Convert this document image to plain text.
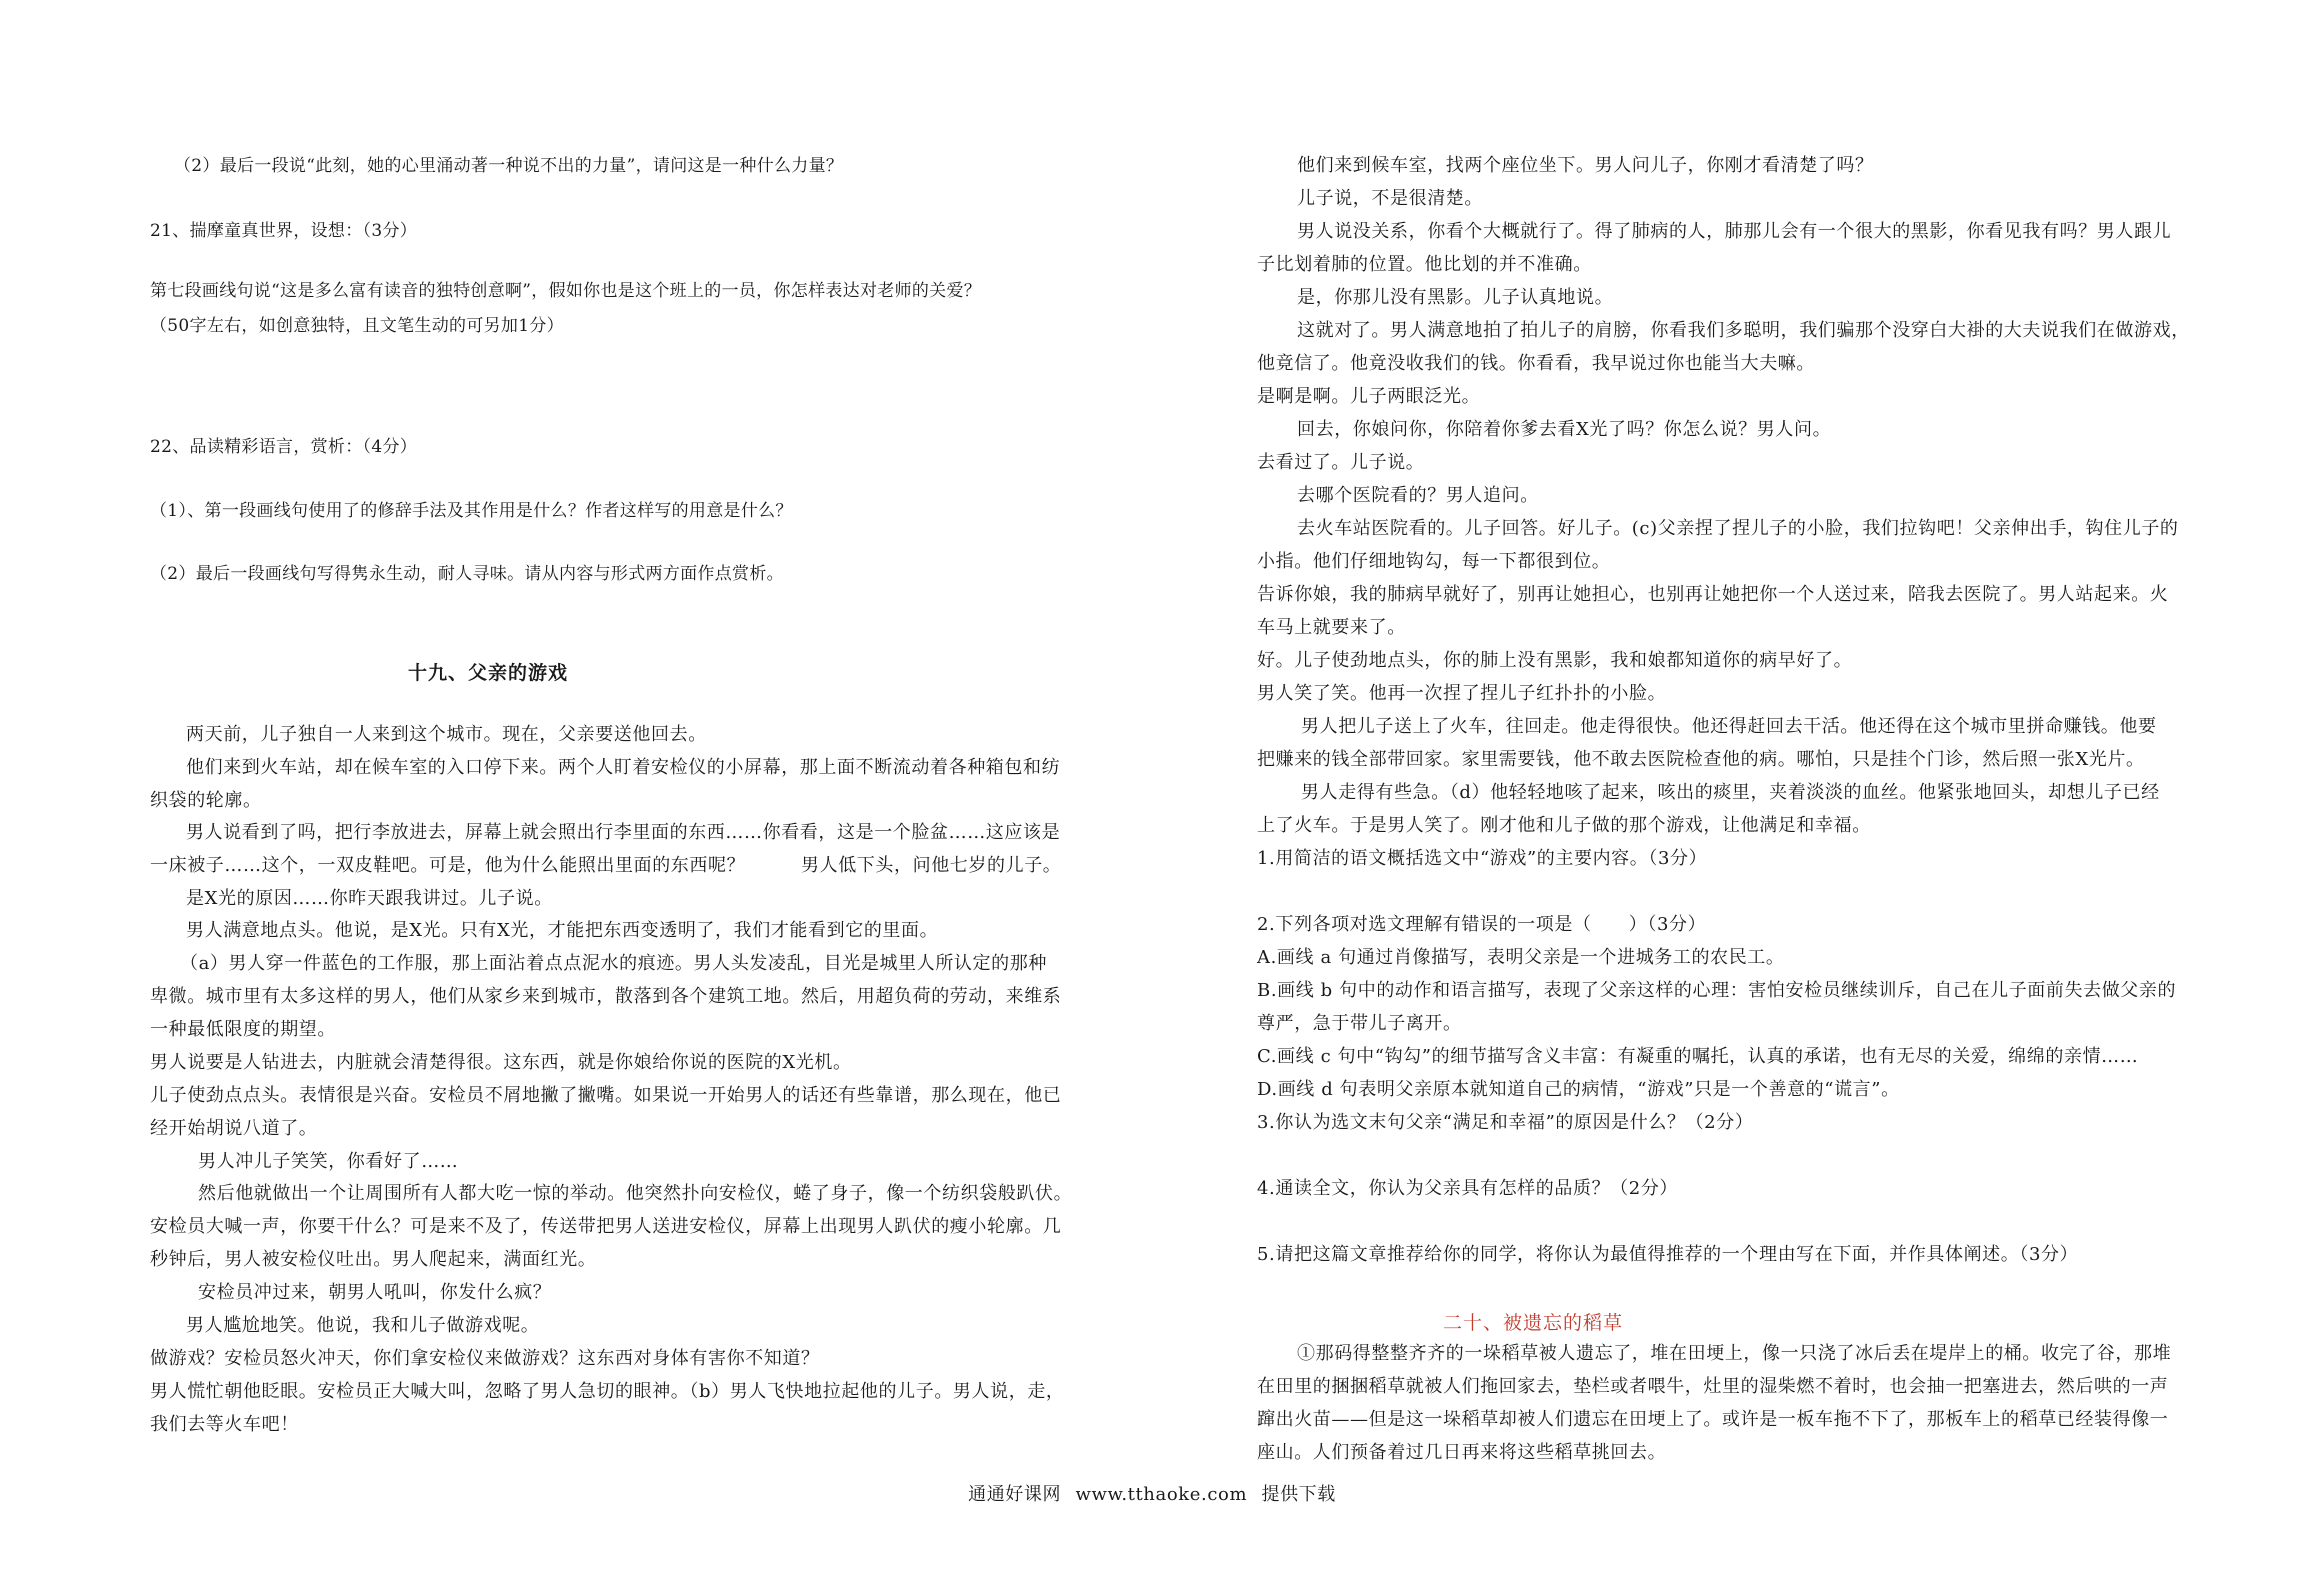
（2）最后一段说“此刻，她的心里涌动著一种说不出的力量”，请问这是一种什么力量？
21、揣摩童真世界，设想：（3分）
第七段画线句说“这是多么富有读音的独特创意啊”，假如你也是这个班上的一员，你怎样表达对老师的关爱？
（50字左右，如创意独特，且文笔生动的可另加1分）
22、品读精彩语言，赏析：（4分）
（1）、第一段画线句使用了的修辞手法及其作用是什么？作者这样写的用意是什么？
（2）最后一段画线句写得隽永生动，耐人寻味。请从内容与形式两方面作点赏析。
十九、父亲的游戏
两天前，儿子独自一人来到这个城市。现在，父亲要送他回去。
他们来到火车站，却在候车室的入口停下来。两个人盯着安检仪的小屏幕，那上面不断流动着各种箱包和纺
织袋的轮廓。
男人说看到了吗，把行李放进去，屏幕上就会照出行李里面的东西……你看看，这是一个脸盆……这应该是
一床被子……这个，一双皮鞋吧。可是，他为什么能照出里面的东西呢？　　　男人低下头，问他七岁的儿子。
是X光的原因……你昨天跟我讲过。儿子说。
男人满意地点头。他说，是X光。只有X光，才能把东西变透明了，我们才能看到它的里面。
（a）男人穿一件蓝色的工作服，那上面沾着点点泥水的痕迹。男人头发凌乱，目光是城里人所认定的那种
卑微。城市里有太多这样的男人，他们从家乡来到城市，散落到各个建筑工地。然后，用超负荷的劳动，来维系
一种最低限度的期望。
男人说要是人钻进去，内脏就会清楚得很。这东西，就是你娘给你说的医院的X光机。
儿子使劲点点头。表情很是兴奋。安检员不屑地撇了撇嘴。如果说一开始男人的话还有些靠谱，那么现在，他已
经开始胡说八道了。
男人冲儿子笑笑，你看好了……
然后他就做出一个让周围所有人都大吃一惊的举动。他突然扑向安检仪，蜷了身子，像一个纺织袋般趴伏。
安检员大喊一声，你要干什么？可是来不及了，传送带把男人送进安检仪，屏幕上出现男人趴伏的瘦小轮廓。几
秒钟后，男人被安检仪吐出。男人爬起来，满面红光。
安检员冲过来，朝男人吼叫，你发什么疯？
男人尴尬地笑。他说，我和儿子做游戏呢。
做游戏？安检员怒火冲天，你们拿安检仪来做游戏？这东西对身体有害你不知道？
男人慌忙朝他眨眼。安检员正大喊大叫，忽略了男人急切的眼神。（b）男人飞快地拉起他的儿子。男人说，走，
我们去等火车吧！
他们来到候车室，找两个座位坐下。男人问儿子，你刚才看清楚了吗？
儿子说，不是很清楚。
男人说没关系，你看个大概就行了。得了肺病的人，肺那儿会有一个很大的黑影，你看见我有吗？男人跟儿
子比划着肺的位置。他比划的并不准确。
是，你那儿没有黑影。儿子认真地说。
这就对了。男人满意地拍了拍儿子的肩膀，你看我们多聪明，我们骗那个没穿白大褂的大夫说我们在做游戏，
他竟信了。他竟没收我们的钱。你看看，我早说过你也能当大夫嘛。
是啊是啊。儿子两眼泛光。
回去，你娘问你，你陪着你爹去看X光了吗？你怎么说？男人问。
去看过了。儿子说。
去哪个医院看的？男人追问。
去火车站医院看的。儿子回答。好儿子。(c)父亲捏了捏儿子的小脸，我们拉钩吧！父亲伸出手，钩住儿子的
小指。他们仔细地钩勾，每一下都很到位。
告诉你娘，我的肺病早就好了，别再让她担心，也别再让她把你一个人送过来，陪我去医院了。男人站起来。火
车马上就要来了。
好。儿子使劲地点头，你的肺上没有黑影，我和娘都知道你的病早好了。
男人笑了笑。他再一次捏了捏儿子红扑扑的小脸。
男人把儿子送上了火车，往回走。他走得很快。他还得赶回去干活。他还得在这个城市里拼命赚钱。他要
把赚来的钱全部带回家。家里需要钱，他不敢去医院检查他的病。哪怕，只是挂个门诊，然后照一张X光片。
男人走得有些急。（d）他轻轻地咳了起来，咳出的痰里，夹着淡淡的血丝。他紧张地回头，却想儿子已经
上了火车。于是男人笑了。刚才他和儿子做的那个游戏，让他满足和幸福。
1.用简洁的语文概括选文中“游戏”的主要内容。（3分）
2.下列各项对选文理解有错误的一项是（　　）（3分）
A.画线 a 句通过肖像描写，表明父亲是一个进城务工的农民工。
B.画线 b 句中的动作和语言描写，表现了父亲这样的心理：害怕安检员继续训斥，自己在儿子面前失去做父亲的
尊严，急于带儿子离开。
C.画线 c 句中“钩勾”的细节描写含义丰富：有凝重的嘱托，认真的承诺，也有无尽的关爱，绵绵的亲情……
D.画线 d 句表明父亲原本就知道自己的病情，“游戏”只是一个善意的“谎言”。
3.你认为选文末句父亲“满足和幸福”的原因是什么？（2分）
4.通读全文，你认为父亲具有怎样的品质？（2分）
5.请把这篇文章推荐给你的同学，将你认为最值得推荐的一个理由写在下面，并作具体阐述。（3分）
二十、被遗忘的稻草
①那码得整整齐齐的一垛稻草被人遗忘了，堆在田埂上，像一只浇了冰后丢在堤岸上的桶。收完了谷，那堆
在田里的捆捆稻草就被人们拖回家去，垫栏或者喂牛，灶里的湿柴燃不着时，也会抽一把塞进去，然后哄的一声
蹿出火苗——但是这一垛稻草却被人们遗忘在田埂上了。或许是一板车拖不下了，那板车上的稻草已经装得像一
座山。人们预备着过几日再来将这些稻草挑回去。
通通好课网 www.tthaoke.com 提供下载
